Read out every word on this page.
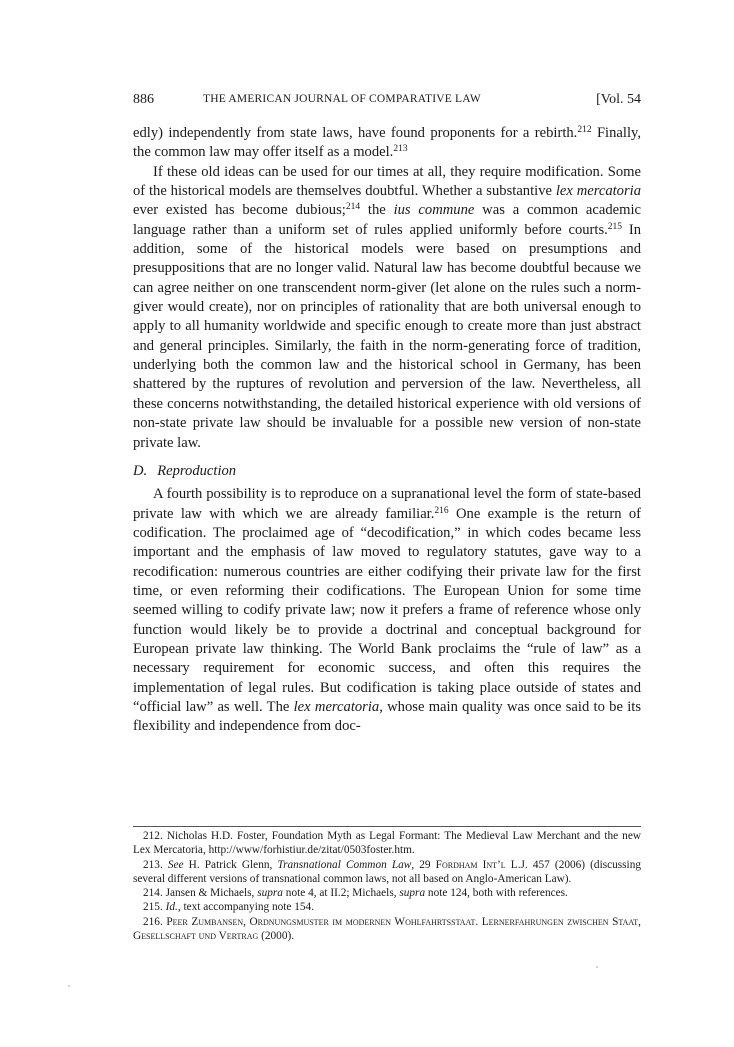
886	THE AMERICAN JOURNAL OF COMPARATIVE LAW	[Vol. 54

edly) independently from state laws, have found proponents for a rebirth.$^{212}$ Finally, the common law may offer itself as a model.$^{213}$

If these old ideas can be used for our times at all, they require modification. Some of the historical models are themselves doubtful. Whether a substantive lex mercatoria ever existed has become dubious;$^{214}$ the ius commune was a common academic language rather than a uniform set of rules applied uniformly before courts.$^{215}$ In addition, some of the historical models were based on presumptions and presuppositions that are no longer valid. Natural law has become doubtful because we can agree neither on one transcendent norm-giver (let alone on the rules such a norm-giver would create), nor on principles of rationality that are both universal enough to apply to all humanity worldwide and specific enough to create more than just abstract and general principles. Similarly, the faith in the norm-generating force of tradition, underlying both the common law and the historical school in Germany, has been shattered by the ruptures of revolution and perversion of the law. Nevertheless, all these concerns notwithstanding, the detailed historical experience with old versions of non-state private law should be invaluable for a possible new version of non-state private law.

D. Reproduction

A fourth possibility is to reproduce on a supranational level the form of state-based private law with which we are already familiar.$^{216}$ One example is the return of codification. The proclaimed age of “decodification,” in which codes became less important and the emphasis of law moved to regulatory statutes, gave way to a recodification: numerous countries are either codifying their private law for the first time, or even reforming their codifications. The European Union for some time seemed willing to codify private law; now it prefers a frame of reference whose only function would likely be to provide a doctrinal and conceptual background for European private law thinking. The World Bank proclaims the “rule of law” as a necessary requirement for economic success, and often this requires the implementation of legal rules. But codification is taking place outside of states and “official law” as well. The lex mercatoria, whose main quality was once said to be its flexibility and independence from doc-

212. Nicholas H.D. Foster, Foundation Myth as Legal Formant: The Medieval Law Merchant and the new Lex Mercatoria, http://www/forhistiur.de/zitat/0503foster.htm.

213. See H. Patrick Glenn, Transnational Common Law, 29 Fordham Int’l L.J. 457 (2006) (discussing several different versions of transnational common laws, not all based on Anglo-American Law).

214. Jansen & Michaels, supra note 4, at II.2; Michaels, supra note 124, both with references.

215. Id., text accompanying note 154.

216. Peer Zumbansen, Ordnungsmuster im modernen Wohlfahrtsstaat. Lernerfahrungen zwischen Staat, Gesellschaft und Vertrag (2000).
